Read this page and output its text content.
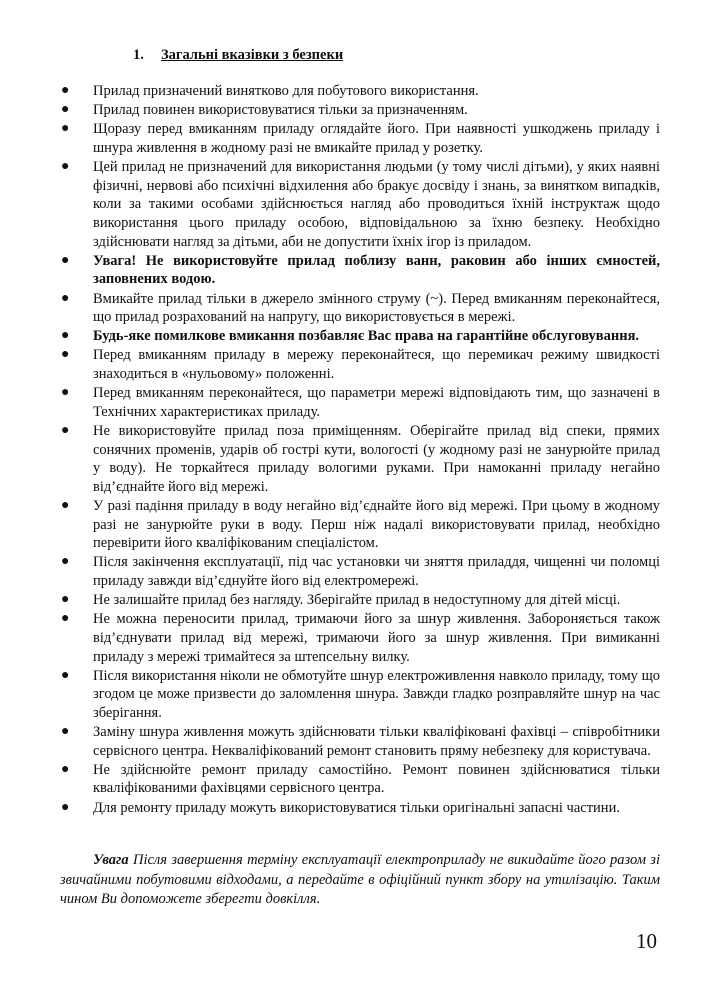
1. Загальні вказівки з безпеки

● Прилад призначений винятково для побутового використання.
● Прилад повинен використовуватися тільки за призначенням.
● Щоразу перед вмиканням приладу оглядайте його. При наявності ушкоджень приладу і шнура живлення в жодному разі не вмикайте прилад у розетку.
● Цей прилад не призначений для використання людьми (у тому числі дітьми), у яких наявні фізичні, нервові або психічні відхилення або бракує досвіду і знань, за винятком випадків, коли за такими особами здійснюється нагляд або проводиться їхній інструктаж щодо використання цього приладу особою, відповідальною за їхню безпеку. Необхідно здійснювати нагляд за дітьми, аби не допустити їхніх ігор із приладом.
● Увага! Не використовуйте прилад поблизу ванн, раковин або інших ємностей, заповнених водою.
● Вмикайте прилад тільки в джерело змінного струму (~). Перед вмиканням переконайтеся, що прилад розрахований на напругу, що використовується в мережі.
● Будь-яке помилкове вмикання позбавляє Вас права на гарантійне обслуговування.
● Перед вмиканням приладу в мережу переконайтеся, що перемикач режиму швидкості знаходиться в «нульовому» положенні.
● Перед вмиканням переконайтеся, що параметри мережі відповідають тим, що зазначені в Технічних характеристиках приладу.
● Не використовуйте прилад поза приміщенням. Оберігайте прилад від спеки, прямих сонячних променів, ударів об гострі кути, вологості (у жодному разі не занурюйте прилад у воду). Не торкайтеся приладу вологими руками. При намоканні приладу негайно від’єднайте його від мережі.
● У разі падіння приладу в воду негайно від’єднайте його від мережі. При цьому в жодному разі не занурюйте руки в воду. Перш ніж надалі використовувати прилад, необхідно перевірити його кваліфікованим спеціалістом.
● Після закінчення експлуатації, під час установки чи зняття приладдя, чищенні чи поломці приладу завжди від’єднуйте його від електромережі.
● Не залишайте прилад без нагляду. Зберігайте прилад в недоступному для дітей місці.
● Не можна переносити прилад, тримаючи його за шнур живлення. Забороняється також від’єднувати прилад від мережі, тримаючи його за шнур живлення. При вимиканні приладу з мережі тримайтеся за штепсельну вилку.
● Після використання ніколи не обмотуйте шнур електроживлення навколо приладу, тому що згодом це може призвести до заломлення шнура. Завжди гладко розправляйте шнур на час зберігання.
● Заміну шнура живлення можуть здійснювати тільки кваліфіковані фахівці – співробітники сервісного центра. Некваліфікований ремонт становить пряму небезпеку для користувача.
● Не здійснюйте ремонт приладу самостійно. Ремонт повинен здійснюватися тільки кваліфікованими фахівцями сервісного центра.
● Для ремонту приладу можуть використовуватися тільки оригінальні запасні частини.

Увага Після завершення терміну експлуатації електроприладу не викидайте його разом зі звичайними побутовими відходами, а передайте в офіційний пункт збору на утилізацію. Таким чином Ви допоможете зберегти довкілля.

10
